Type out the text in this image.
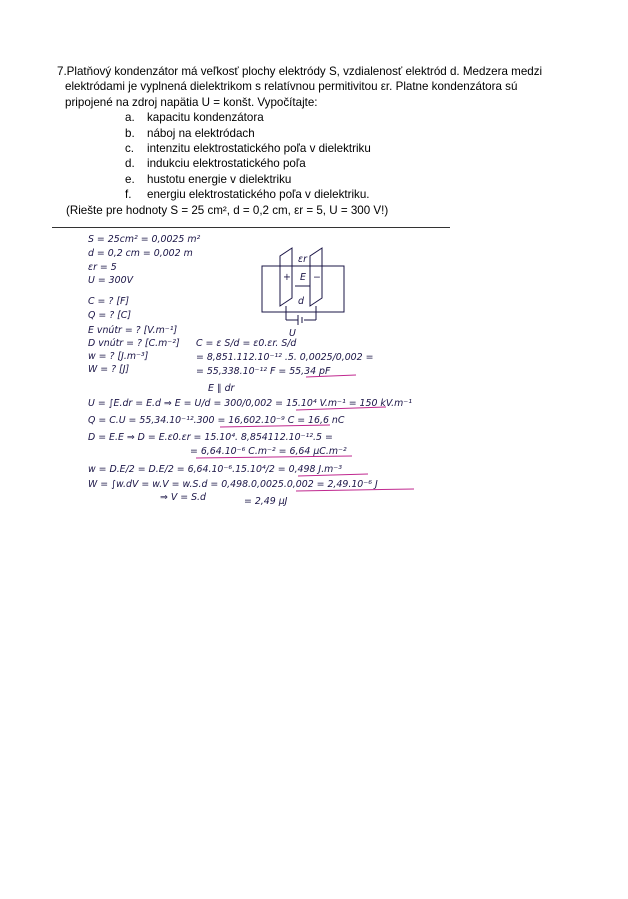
7.Platňový kondenzátor má veľkosť plochy elektródy S, vzdialenosť elektród d. Medzera medzi

elektródami je vyplnená dielektrikom s relatívnou permitivitou εr. Platne kondenzátora sú

pripojené na zdroj napätia U = konšt. Vypočítajte:

a.	kapacitu kondenzátora
b.	náboj na elektródach
c.	intenzitu elektrostatického poľa v dielektriku
d.	indukciu elektrostatického poľa
e.	hustotu energie v dielektriku
f.	energiu elektrostatického poľa v dielektriku.

(Riešte pre hodnoty S = 25 cm², d = 0,2 cm, εr = 5, U = 300 V!)

S = 25cm² = 0,0025 m²
d = 0,2 cm = 0,002 m
εr = 5
U = 300V
C = ? [F]
Q = ? [C]
E vnútr = ? [V.m⁻¹]
D vnútr = ? [C.m⁻²]
w = ? [J.m⁻³]
W = ? [J]
+ −
εr
E
d
U
C = ε S/d = ε0.εr. S/d
= 8,851.112.10⁻¹² .5. 0,0025/0,002 =
= 55,338.10⁻¹² F = 55,34 pF
E ∥ dr
U = ∫E.dr = E.d ⇒ E = U/d = 300/0,002 = 15.10⁴ V.m⁻¹ = 150 kV.m⁻¹
Q = C.U = 55,34.10⁻¹².300 = 16,602.10⁻⁹ C = 16,6 nC
D = E.E ⇒ D = E.ε0.εr = 15.10⁴. 8,854112.10⁻¹².5 =
= 6,64.10⁻⁶ C.m⁻² = 6,64 μC.m⁻²
w = D.E/2 = D.E/2 = 6,64.10⁻⁶.15.10⁴/2 = 0,498 J.m⁻³
W = ∫w.dV = w.V = w.S.d = 0,498.0,0025.0,002 = 2,49.10⁻⁶ J
⇒ V = S.d	= 2,49 μJ
